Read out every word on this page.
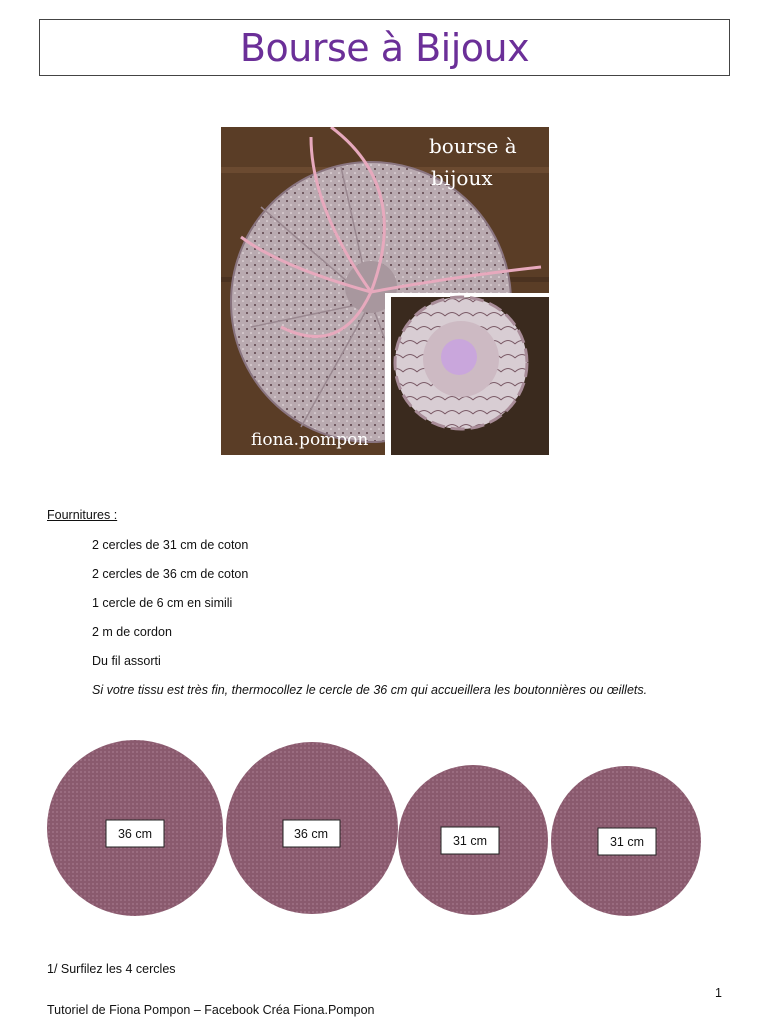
Bourse à Bijoux
bourse à
bijoux
fiona.pompon
Fournitures :
2 cercles de 31 cm de coton
2 cercles de 36 cm de coton
1 cercle de 6 cm en simili
2 m de cordon
Du fil assorti
Si votre tissu est très fin, thermocollez le cercle de 36 cm qui accueillera les boutonnières ou œillets.
36 cm	36 cm	31 cm	31 cm
1/ Surfilez les 4 cercles
1
Tutoriel de Fiona Pompon – Facebook Créa Fiona.Pompon
